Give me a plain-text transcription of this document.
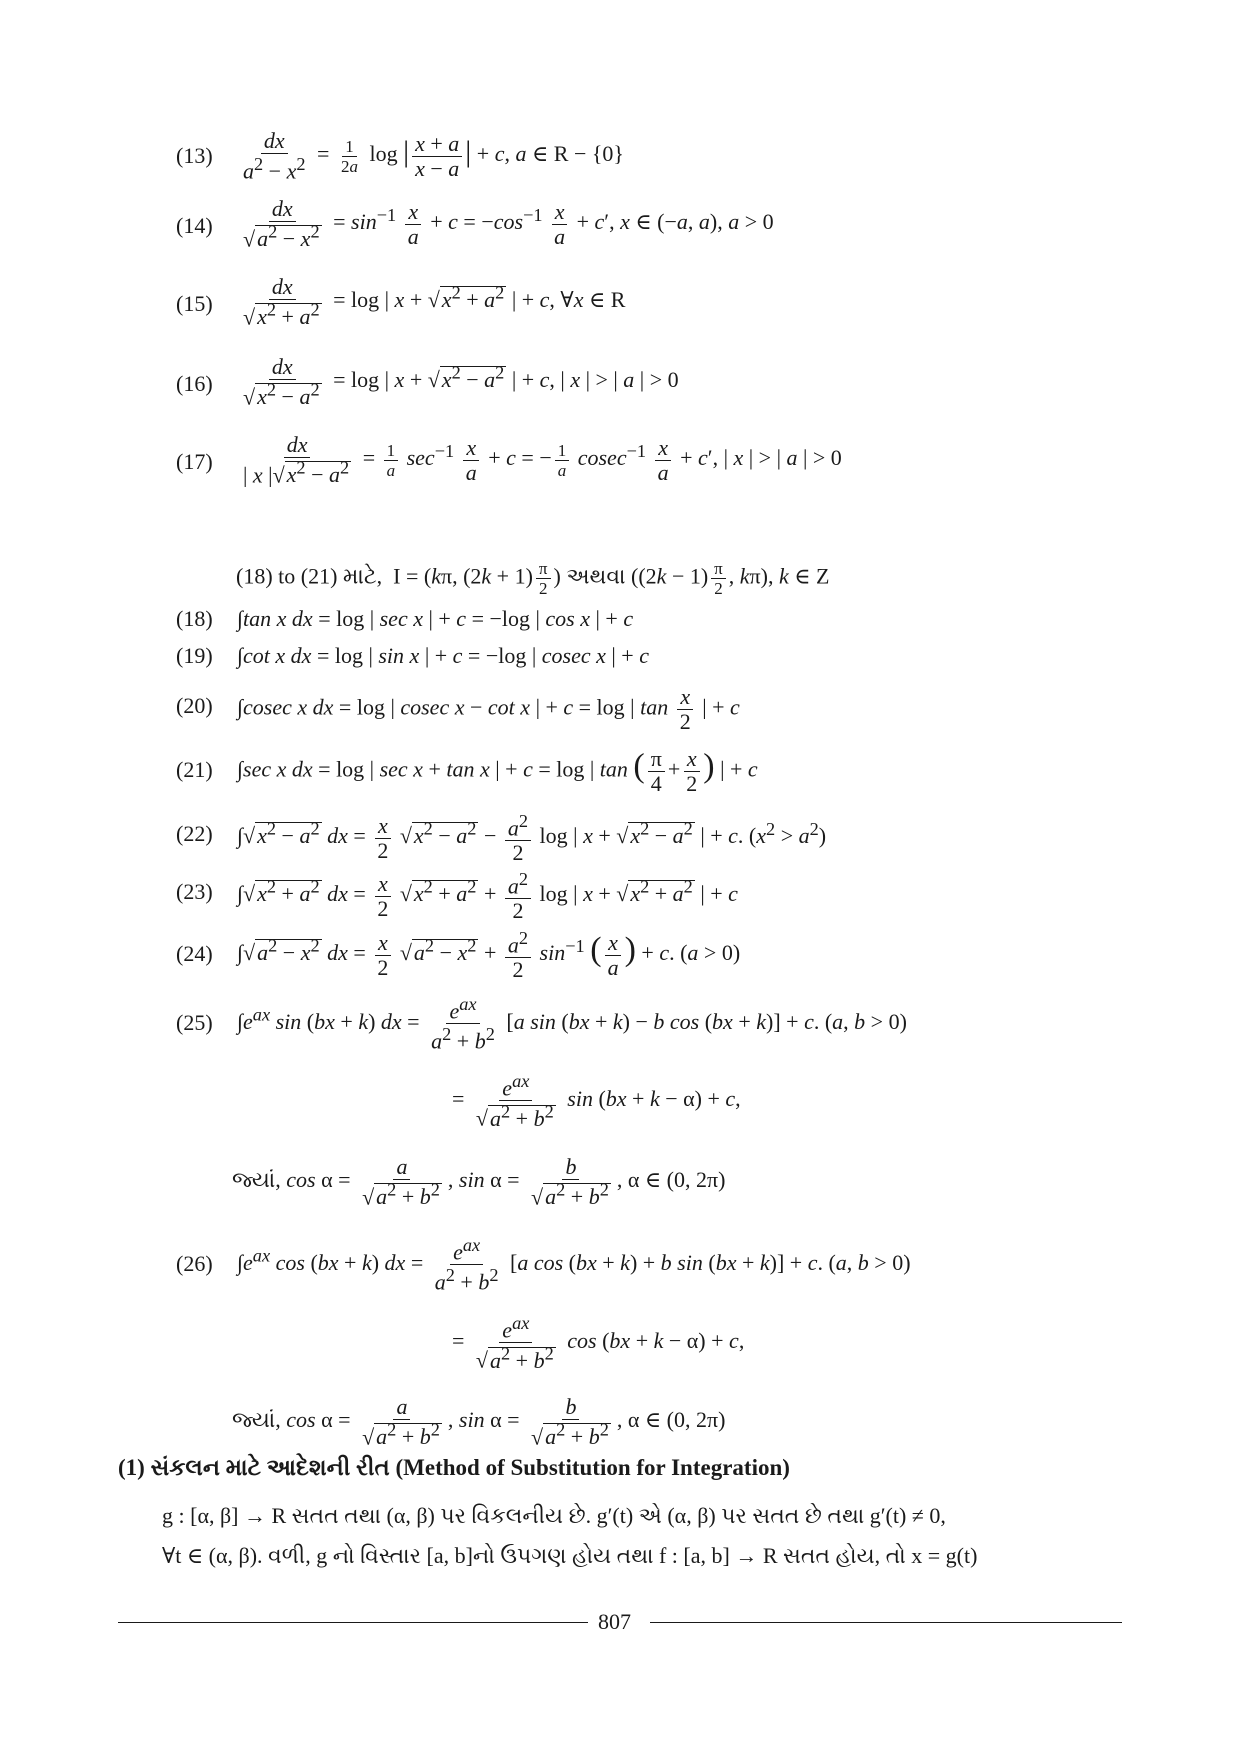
$(13) \frac{dx}{a^2 - x^2} = \frac{1}{2a}$ log | $\frac{x + a}{x - a}$ | + c, a ∈ R − {0}
$(14) \frac{dx}{√a^2 - x^2} = \sin^{-1} \frac{x}{a} + c = -\cos^{-1} \frac{x}{a} + c'$, x ∈ (−a, a), a > 0
$(15) \frac{dx}{√x^2 + a^2} = \log$ | $x + √x^2 + a^2$ | + c, ∀x ∈ R
$(16) \frac{dx}{√x^2 - a^2} = \log$ | $x + √x^2 - a^2$ | + c, | x | > | a | > 0
$(17) \frac{dx}{| x |√x^2 - a^2} = \frac{1}{a} \sec^{-1} \frac{x}{a} + c$ = − $\frac{1}{a} cosec^{-1} \frac{x}{a} + c'$, | x | > | a | > 0
(18) to (21) માટે,  I = (kπ, $(2k + 1) \frac{\pi}{2}$ ) અથવા ($(2k - 1) \frac{\pi}{2}$ , kπ), k ∈ Z
(18) ∫tan x dx = log | sec x | + c = −log | cos x | + c
(19) ∫cot x dx = log | sin x | + c = −log | cosec x | + c
(20) ∫cosec x dx = log | cosec x − cot x | + c = log | $\tan \frac{x}{2}$ | + c
(21) ∫sec x dx = log | sec x + tan x | + c = log | tan ( $\frac{\pi}{4} + \frac{x}{2}$ ) | + c
(22) $\int√x^2 - a^2$ dx = $\frac{x}{2} √x^2 - a^2 - \frac{a^2}{2}$ log | $x + √x^2 - a^2$ | + c. $(x^2 > a^2)$
(23) $\int√x^2 + a^2$ dx = $\frac{x}{2} √x^2 + a^2 + \frac{a^2}{2}$ log | $x + √x^2 + a^2$ | + c
(24) $\int√a^2 - x^2$ dx = $\frac{x}{2} √a^2 - x^2 + \frac{a^2}{2} \sin^{-1}$ ( $\frac{x}{a}$ ) + c. (a > 0)
(25) $\int e^{ax}$ sin (bx + k) dx = $\frac{e^{ax}}{a^2 + b^2} [a$ sin (bx + k) − b cos (bx + k)] + c. (a, b > 0)
= $\frac{e^{ax}}{√a^2 + b^2}$ sin (bx + k − α) + c,
જ્યાં, $\cos \alpha = \frac{a}{√a^2 + b^2}$ , $\sin \alpha = \frac{b}{√a^2 + b^2}$ , α ∈ (0, 2π)
(26) $\int e^{ax}$ cos (bx + k) dx = $\frac{e^{ax}}{a^2 + b^2} [a$ cos (bx + k) + b sin (bx + k)] + c. (a, b > 0)
= $\frac{e^{ax}}{√a^2 + b^2}$ cos (bx + k − α) + c,
જ્યાં, $\cos \alpha = \frac{a}{√a^2 + b^2}$ , $\sin \alpha = \frac{b}{√a^2 + b^2}$ , α ∈ (0, 2π)
(1) સંકલન માટે આદેશની રીત (Method of Substitution for Integration)
g : [α, β] → R સતત તથા (α, β) પર વિકલનીય છે. g′(t) એ (α, β) પર સતત છે તથા g′(t) ≠ 0,
∀t ∈ (α, β). વળી, g નો વિસ્તાર [a, b]નો ઉપગણ હોય તથા f : [a, b] → R સતત હોય, તો x = g(t)
807
